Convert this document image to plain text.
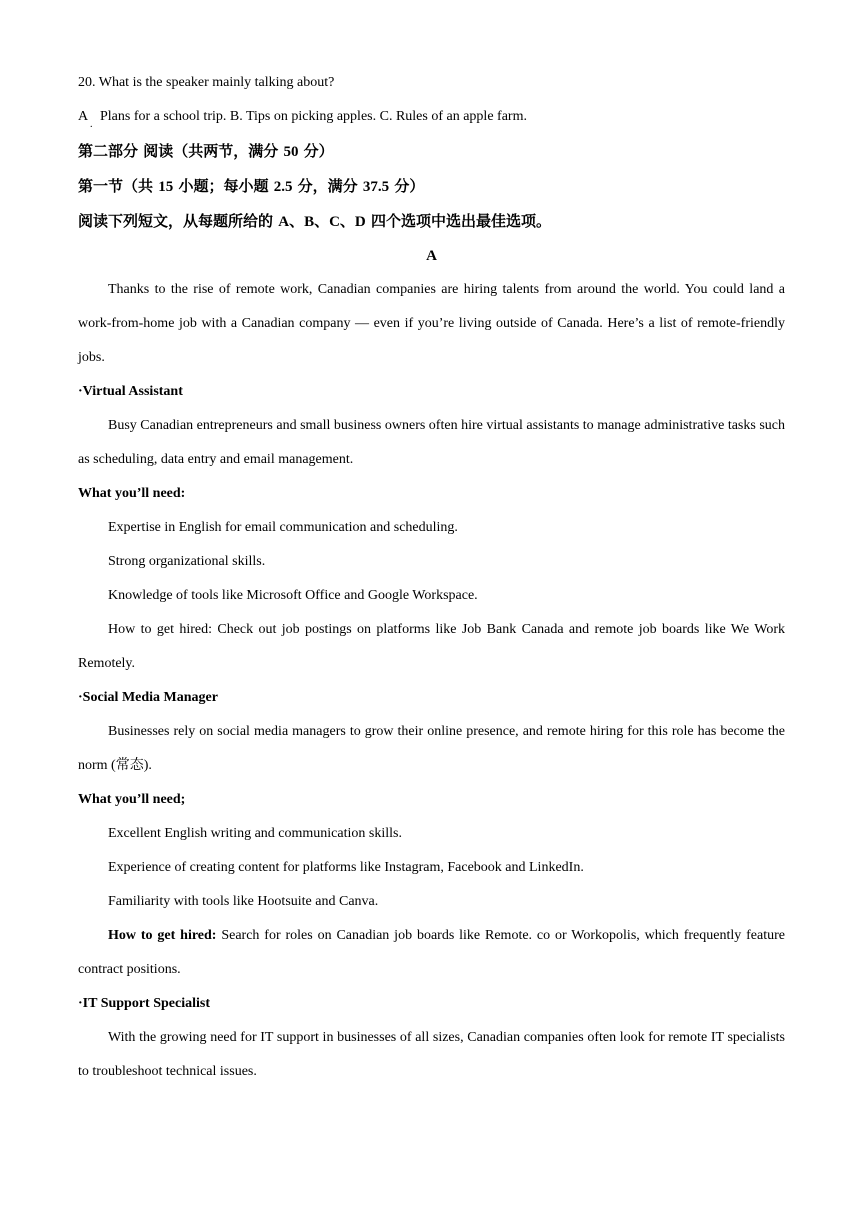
20. What is the speaker mainly talking about?

A Plans for a school trip. B. Tips on picking apples. C. Rules of an apple farm.
.

第二部分 阅读（共两节，满分 50 分）

第一节（共 15 小题；每小题 2.5 分，满分 37.5 分）

阅读下列短文，从每题所给的 A、B、C、D 四个选项中选出最佳选项。

A

Thanks to the rise of remote work, Canadian companies are hiring talents from around the world. You could land a work-from-home job with a Canadian company — even if you’re living outside of Canada. Here’s a list of remote-friendly jobs.

·Virtual Assistant

Busy Canadian entrepreneurs and small business owners often hire virtual assistants to manage administrative tasks such as scheduling, data entry and email management.

What you’ll need:

Expertise in English for email communication and scheduling.

Strong organizational skills.

Knowledge of tools like Microsoft Office and Google Workspace.

How to get hired: Check out job postings on platforms like Job Bank Canada and remote job boards like We Work Remotely.

·Social Media Manager

Businesses rely on social media managers to grow their online presence, and remote hiring for this role has become the norm (常态).

What you’ll need;

Excellent English writing and communication skills.

Experience of creating content for platforms like Instagram, Facebook and LinkedIn.

Familiarity with tools like Hootsuite and Canva.

How to get hired: Search for roles on Canadian job boards like Remote. co or Workopolis, which frequently feature contract positions.

·IT Support Specialist

With the growing need for IT support in businesses of all sizes, Canadian companies often look for remote IT specialists to troubleshoot technical issues.
